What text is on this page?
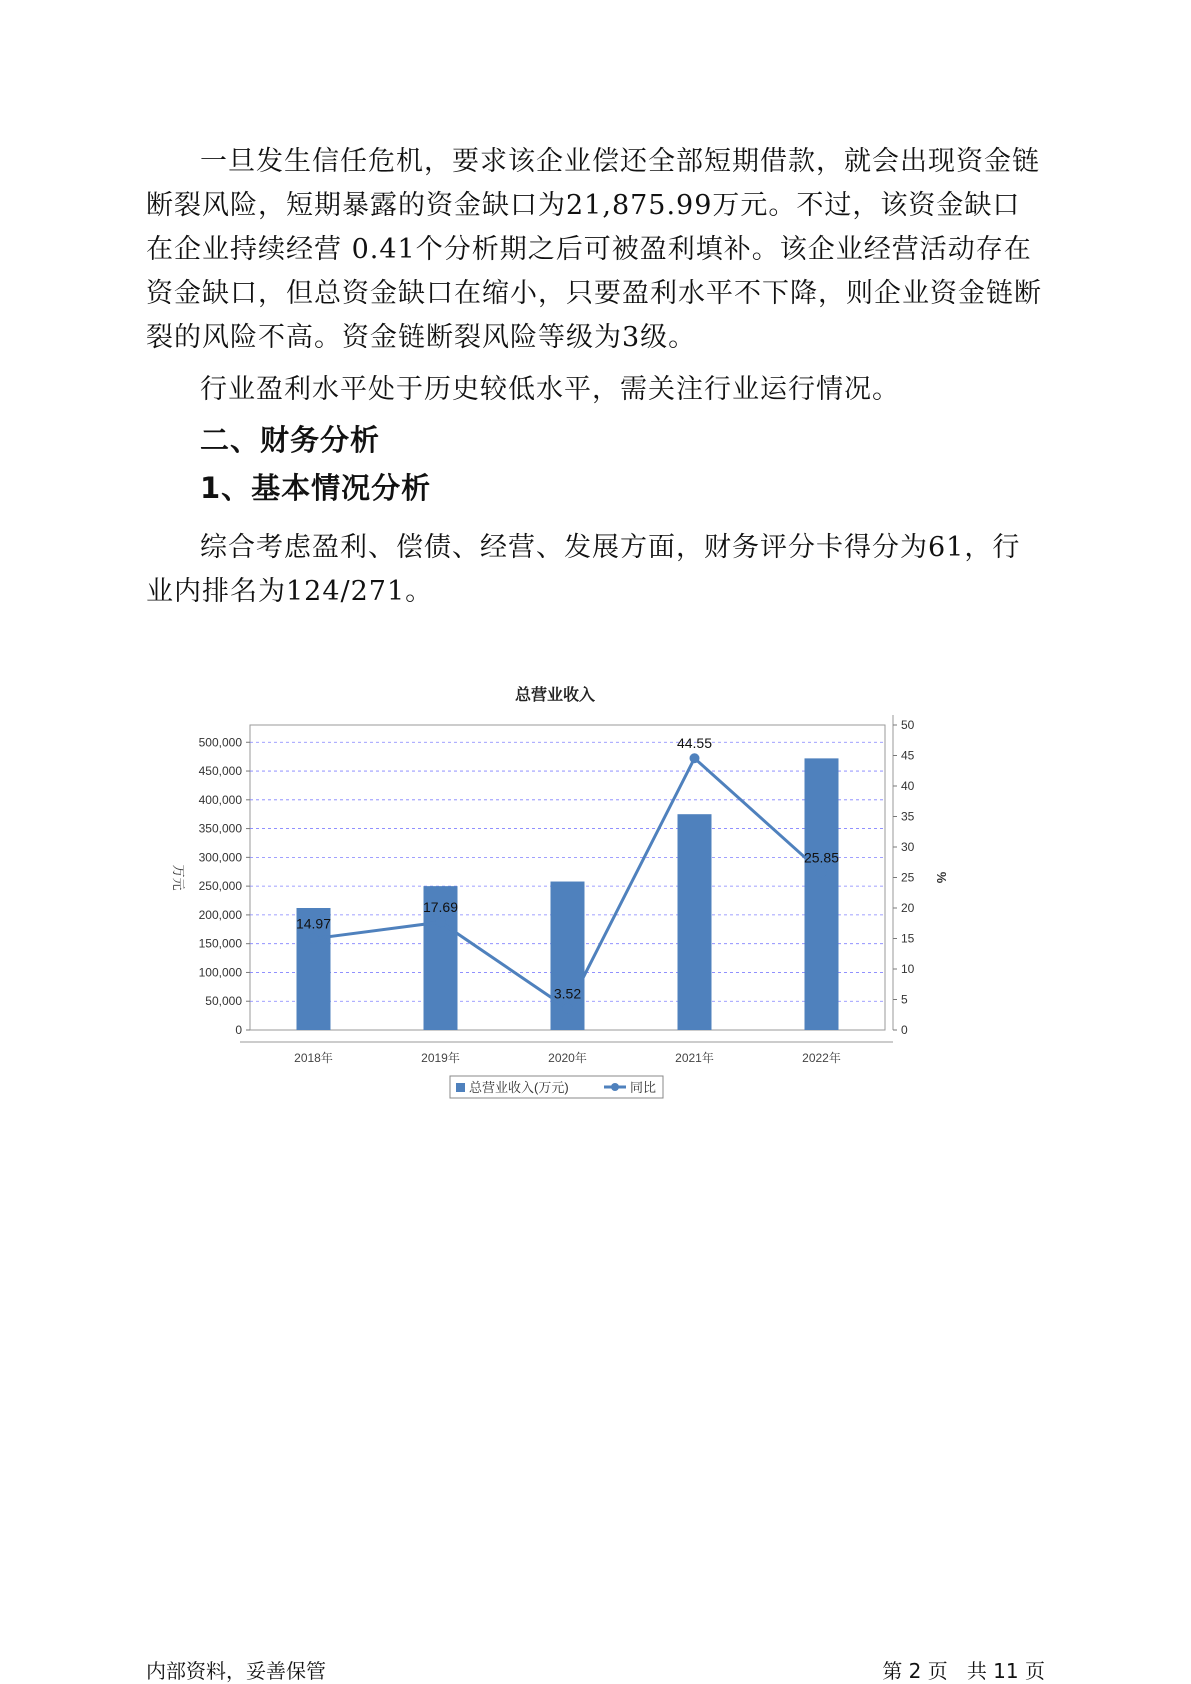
一旦发生信任危机，要求该企业偿还全部短期借款，就会出现资金链断裂风险，短期暴露的资金缺口为21,875.99万元。不过，该资金缺口在企业持续经营 0.41个分析期之后可被盈利填补。该企业经营活动存在资金缺口，但总资金缺口在缩小，只要盈利水平不下降，则企业资金链断裂的风险不高。资金链断裂风险等级为3级。

行业盈利水平处于历史较低水平，需关注行业运行情况。

二、财务分析
1、基本情况分析

综合考虑盈利、偿债、经营、发展方面，财务评分卡得分为61，行业内排名为124/271。

总营业收入
0
50,000
100,000
150,000
200,000
250,000
300,000
350,000
400,000
450,000
500,000
0
5
10
15
20
25
30
35
40
45
50
万元	%
2018年	2019年	2020年	2021年	2022年
14.97
17.69
3.52
44.55
25.85
总营业收入(万元)	同比
内部资料，妥善保管	第 2 页   共 11 页
